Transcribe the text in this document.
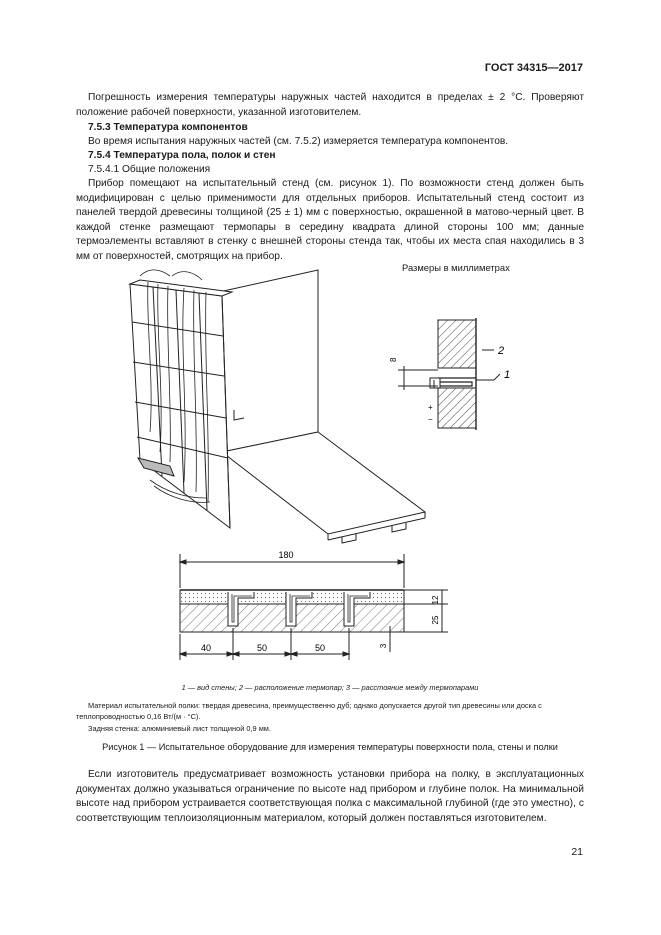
ГОСТ 34315—2017
Погрешность измерения температуры наружных частей находится в пределах ± 2 °С. Проверяют положение рабочей поверхности, указанной изготовителем.
7.5.3 Температура компонентов
Во время испытания наружных частей (см. 7.5.2) измеряется температура компонентов.
7.5.4 Температура пола, полок и стен
7.5.4.1 Общие положения
Прибор помещают на испытательный стенд (см. рисунок 1). По возможности стенд должен быть модифицирован с целью применимости для отдельных приборов. Испытательный стенд состоит из панелей твердой древесины толщиной (25 ± 1) мм с поверхностью, окрашенной в матово-черный цвет. В каждой стенке размещают термопары в середину квадрата длиной стороны 100 мм; данные термоэлементы вставляют в стенку с внешней стороны стенда так, чтобы их места спая находились в 3 мм от поверхностей, смотрящих на прибор.
Размеры в миллиметрах
8
2
1
+
−
180
40	50	50
12
25
3
1 — вид стены; 2 — расположение термопар; 3 — расстояние между термопарами
Материал испытательной полки: твердая древесина, преимущественно дуб; однако допускается другой тип древесины или доска с теплопроводностью 0,16 Вт/(м · °С).
Задняя стенка: алюминиевый лист толщиной 0,9 мм.
Рисунок 1 — Испытательное оборудование для измерения температуры поверхности пола, стены и полки
Если изготовитель предусматривает возможность установки прибора на полку, в эксплуатационных документах должно указываться ограничение по высоте над прибором и глубине полок. На минимальной высоте над прибором устраивается соответствующая полка с максимальной глубиной (где это уместно), с соответствующим теплоизоляционным материалом, который должен поставляться изготовителем.
21
